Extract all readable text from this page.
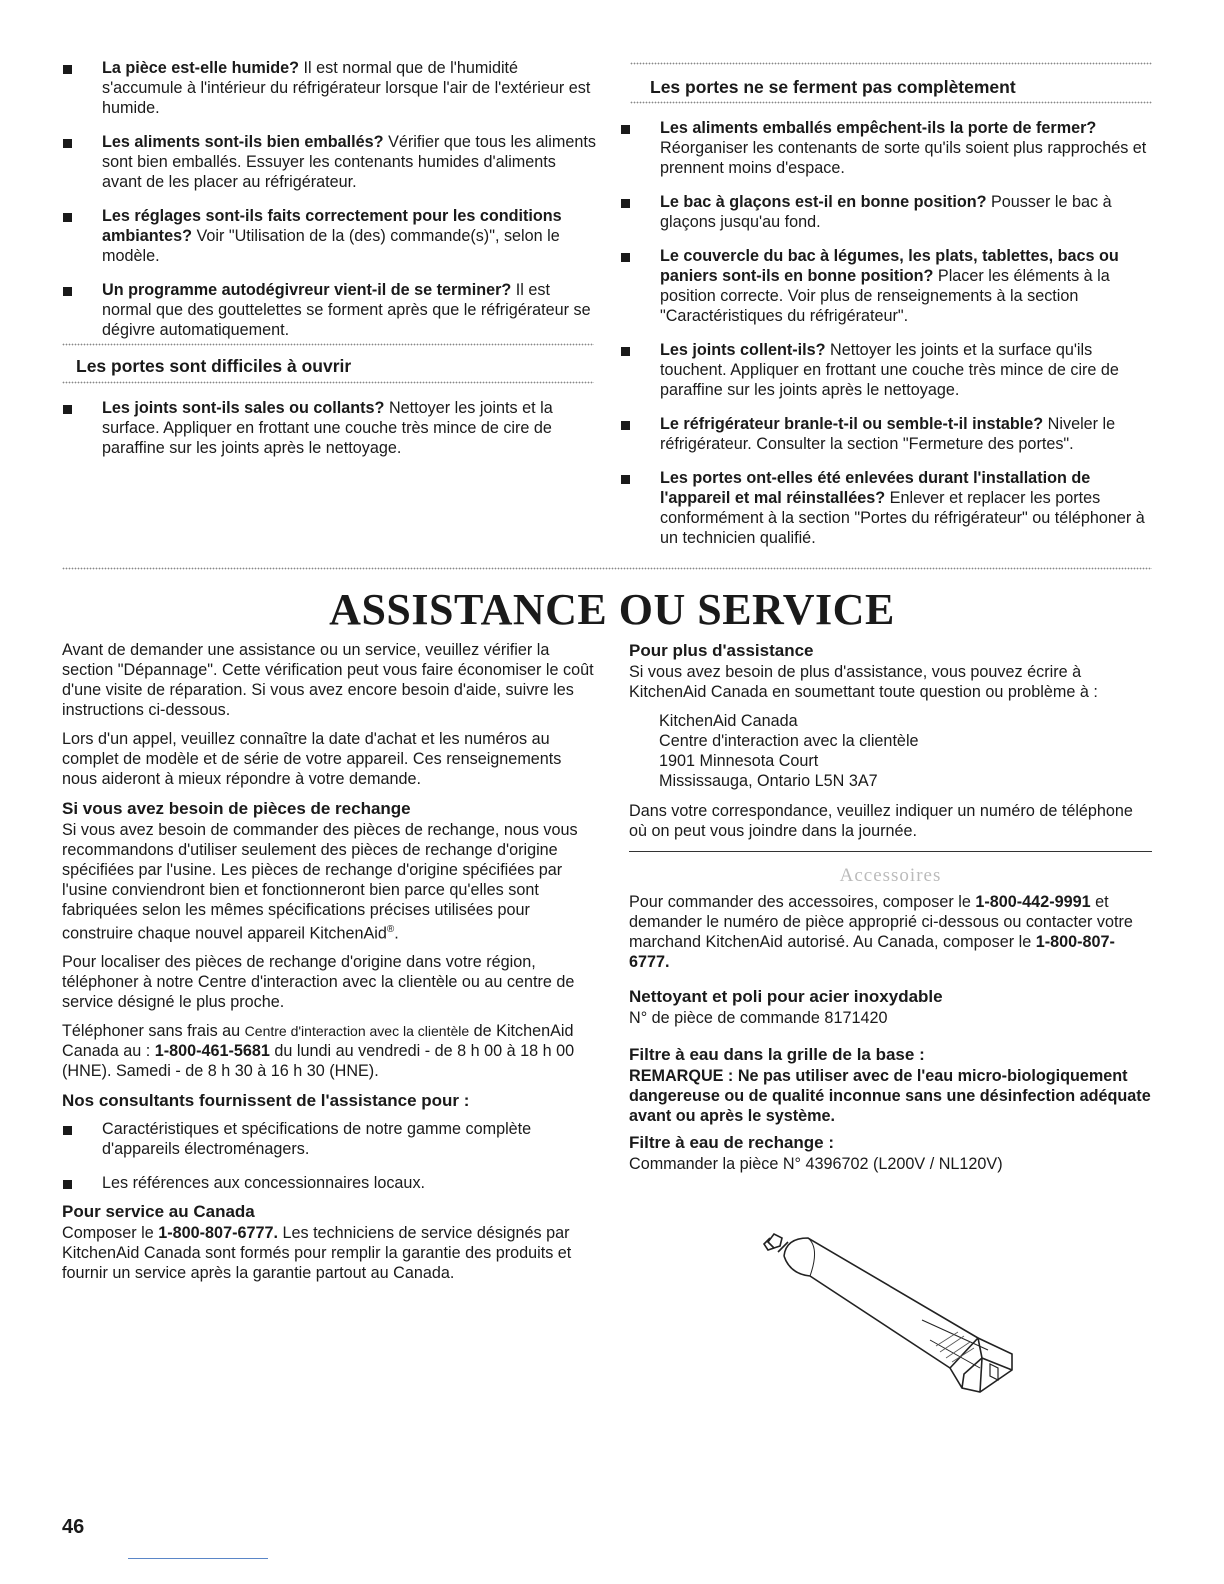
La pièce est-elle humide? Il est normal que de l'humidité s'accumule à l'intérieur du réfrigérateur lorsque l'air de l'extérieur est humide.
Les aliments sont-ils bien emballés? Vérifier que tous les aliments sont bien emballés. Essuyer les contenants humides d'aliments avant de les placer au réfrigérateur.
Les réglages sont-ils faits correctement pour les conditions ambiantes? Voir "Utilisation de la (des) commande(s)", selon le modèle.
Un programme autodégivreur vient-il de se terminer? Il est normal que des gouttelettes se forment après que le réfrigérateur se dégivre automatiquement.
Les portes sont difficiles à ouvrir
Les joints sont-ils sales ou collants? Nettoyer les joints et la surface. Appliquer en frottant une couche très mince de cire de paraffine sur les joints après le nettoyage.
Les portes ne se ferment pas complètement
Les aliments emballés empêchent-ils la porte de fermer? Réorganiser les contenants de sorte qu'ils soient plus rapprochés et prennent moins d'espace.
Le bac à glaçons est-il en bonne position? Pousser le bac à glaçons jusqu'au fond.
Le couvercle du bac à légumes, les plats, tablettes, bacs ou paniers sont-ils en bonne position? Placer les éléments à la position correcte. Voir plus de renseignements à la section "Caractéristiques du réfrigérateur".
Les joints collent-ils? Nettoyer les joints et la surface qu'ils touchent. Appliquer en frottant une couche très mince de cire de paraffine sur les joints après le nettoyage.
Le réfrigérateur branle-t-il ou semble-t-il instable? Niveler le réfrigérateur. Consulter la section "Fermeture des portes".
Les portes ont-elles été enlevées durant l'installation de l'appareil et mal réinstallées? Enlever et replacer les portes conformément à la section "Portes du réfrigérateur" ou téléphoner à un technicien qualifié.
ASSISTANCE OU SERVICE

Avant de demander une assistance ou un service, veuillez vérifier la section "Dépannage". Cette vérification peut vous faire économiser le coût d'une visite de réparation. Si vous avez encore besoin d'aide, suivre les instructions ci-dessous.

Lors d'un appel, veuillez connaître la date d'achat et les numéros au complet de modèle et de série de votre appareil. Ces renseignements nous aideront à mieux répondre à votre demande.

Si vous avez besoin de pièces de rechange

Si vous avez besoin de commander des pièces de rechange, nous vous recommandons d'utiliser seulement des pièces de rechange d'origine spécifiées par l'usine. Les pièces de rechange d'origine spécifiées par l'usine conviendront bien et fonctionneront bien parce qu'elles sont fabriquées selon les mêmes spécifications précises utilisées pour construire chaque nouvel appareil KitchenAid®.

Pour localiser des pièces de rechange d'origine dans votre région, téléphoner à notre Centre d'interaction avec la clientèle ou au centre de service désigné le plus proche.

Téléphoner sans frais au Centre d'interaction avec la clientèle de KitchenAid Canada au : 1-800-461-5681 du lundi au vendredi - de 8 h 00 à 18 h 00 (HNE). Samedi - de 8 h 30 à 16 h 30 (HNE).

Nos consultants fournissent de l'assistance pour :
Caractéristiques et spécifications de notre gamme complète d'appareils électroménagers.
Les références aux concessionnaires locaux.
Pour service au Canada

Composer le 1-800-807-6777. Les techniciens de service désignés par KitchenAid Canada sont formés pour remplir la garantie des produits et fournir un service après la garantie partout au Canada.

Pour plus d'assistance

Si vous avez besoin de plus d'assistance, vous pouvez écrire à KitchenAid Canada en soumettant toute question ou problème à :

KitchenAid Canada
Centre d'interaction avec la clientèle
1901 Minnesota Court
Mississauga, Ontario L5N 3A7

Dans votre correspondance, veuillez indiquer un numéro de téléphone où on peut vous joindre dans la journée.

Accessoires

Pour commander des accessoires, composer le 1-800-442-9991 et demander le numéro de pièce approprié ci-dessous ou contacter votre marchand KitchenAid autorisé. Au Canada, composer le 1-800-807-6777.

Nettoyant et poli pour acier inoxydable

N° de pièce de commande 8171420

Filtre à eau dans la grille de la base :

REMARQUE : Ne pas utiliser avec de l'eau micro-biologiquement dangereuse ou de qualité inconnue sans une désinfection adéquate avant ou après le système.

Filtre à eau de rechange :

Commander la pièce N° 4396702 (L200V / NL120V)

46
